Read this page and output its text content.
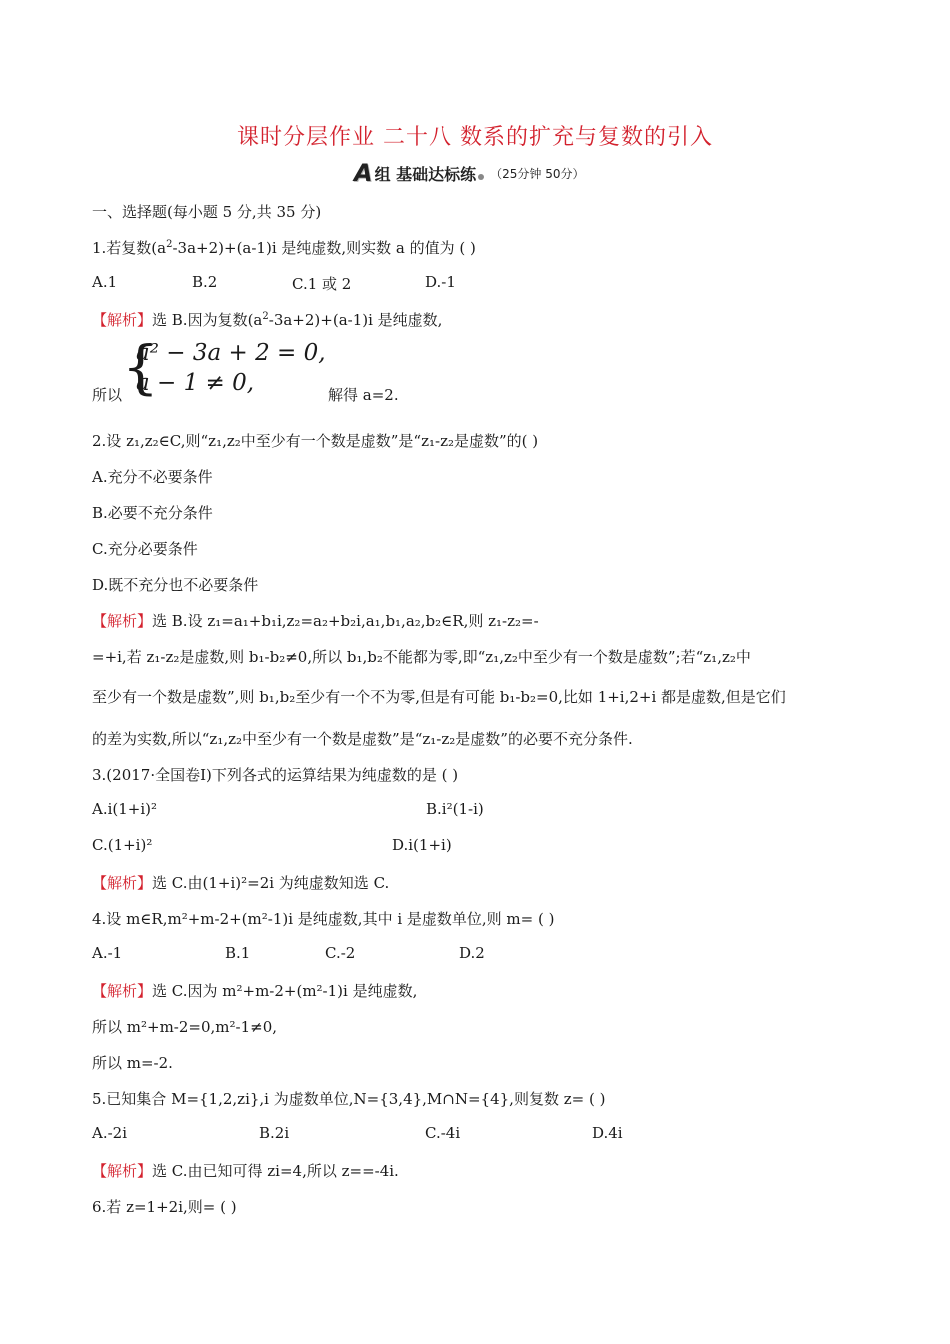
课时分层作业 二十八 数系的扩充与复数的引入
A 组 基础达标练 （25分钟 50分）
一、选择题(每小题 5 分,共 35 分)
1.若复数$(a^2-3a+2)+(a-1)i$ 是纯虚数,则实数 a 的值为 ( )
A.1	B.2	C.1 或 2	D.-1
【解析】选 B.因为复数$(a^2-3a+2)+(a-1)i$ 是纯虚数,
{
a² − 3a + 2 = 0,
a − 1 ≠ 0,
所以	解得 a=2.
2.设 z₁,z₂∈C,则“z₁,z₂中至少有一个数是虚数”是“z₁-z₂是虚数”的( )
A.充分不必要条件
B.必要不充分条件
C.充分必要条件
D.既不充分也不必要条件
【解析】选 B.设 z₁=a₁+b₁i,z₂=a₂+b₂i,a₁,b₁,a₂,b₂∈R,则 z₁-z₂=-
=+i,若 z₁-z₂是虚数,则 b₁-b₂≠0,所以 b₁,b₂不能都为零,即“z₁,z₂中至少有一个数是虚数”;若“z₁,z₂中
至少有一个数是虚数”,则 b₁,b₂至少有一个不为零,但是有可能 b₁-b₂=0,比如 1+i,2+i 都是虚数,但是它们
的差为实数,所以“z₁,z₂中至少有一个数是虚数”是“z₁-z₂是虚数”的必要不充分条件.
3.(2017·全国卷Ⅰ)下列各式的运算结果为纯虚数的是 ( )
A.i(1+i)²	B.i²(1-i)
C.(1+i)²	D.i(1+i)
【解析】选 C.由(1+i)²=2i 为纯虚数知选 C.
4.设 m∈R,m²+m-2+(m²-1)i 是纯虚数,其中 i 是虚数单位,则 m= ( )
A.-1	B.1	C.-2	D.2
【解析】选 C.因为 m²+m-2+(m²-1)i 是纯虚数,
所以 m²+m-2=0,m²-1≠0,
所以 m=-2.
5.已知集合 M={1,2,zi},i 为虚数单位,N={3,4},M∩N={4},则复数 z= ( )
A.-2i	B.2i	C.-4i	D.4i
【解析】选 C.由已知可得 zi=4,所以 z==-4i.
6.若 z=1+2i,则= ( )
